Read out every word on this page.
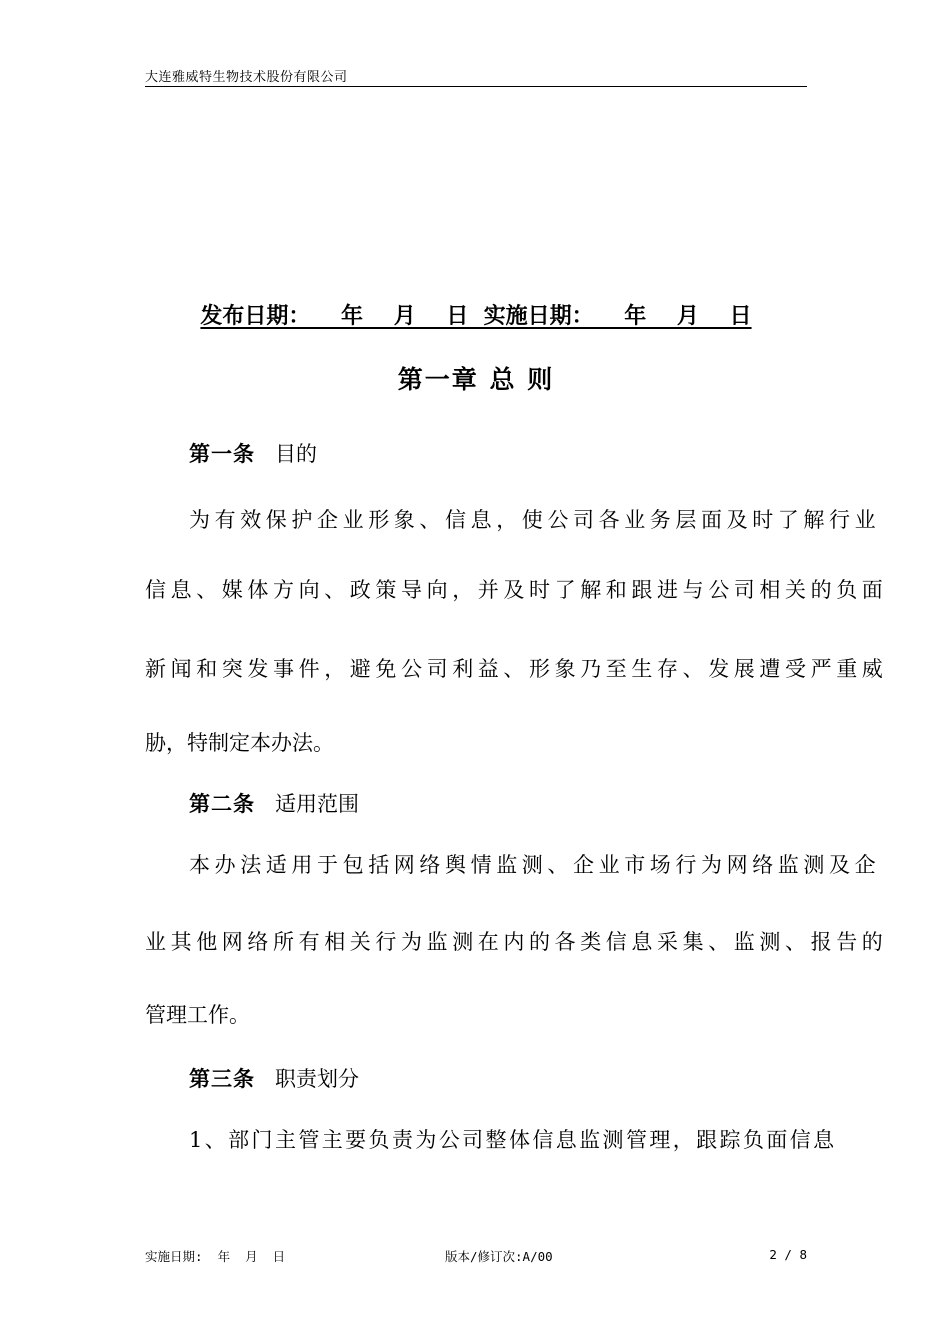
大连雅威特生物技术股份有限公司
发布日期：    年    月    日  实施日期：    年    月    日
第一章 总 则
第一条 目的
为有效保护企业形象、信息，使公司各业务层面及时了解行业
信息、媒体方向、政策导向，并及时了解和跟进与公司相关的负面
新闻和突发事件，避免公司利益、形象乃至生存、发展遭受严重威
胁，特制定本办法。
第二条 适用范围
本办法适用于包括网络舆情监测、企业市场行为网络监测及企
业其他网络所有相关行为监测在内的各类信息采集、监测、报告的
管理工作。
第三条 职责划分
1、部门主管主要负责为公司整体信息监测管理，跟踪负面信息
实施日期:  年  月  日	版本/修订次:A/00	2 / 8
